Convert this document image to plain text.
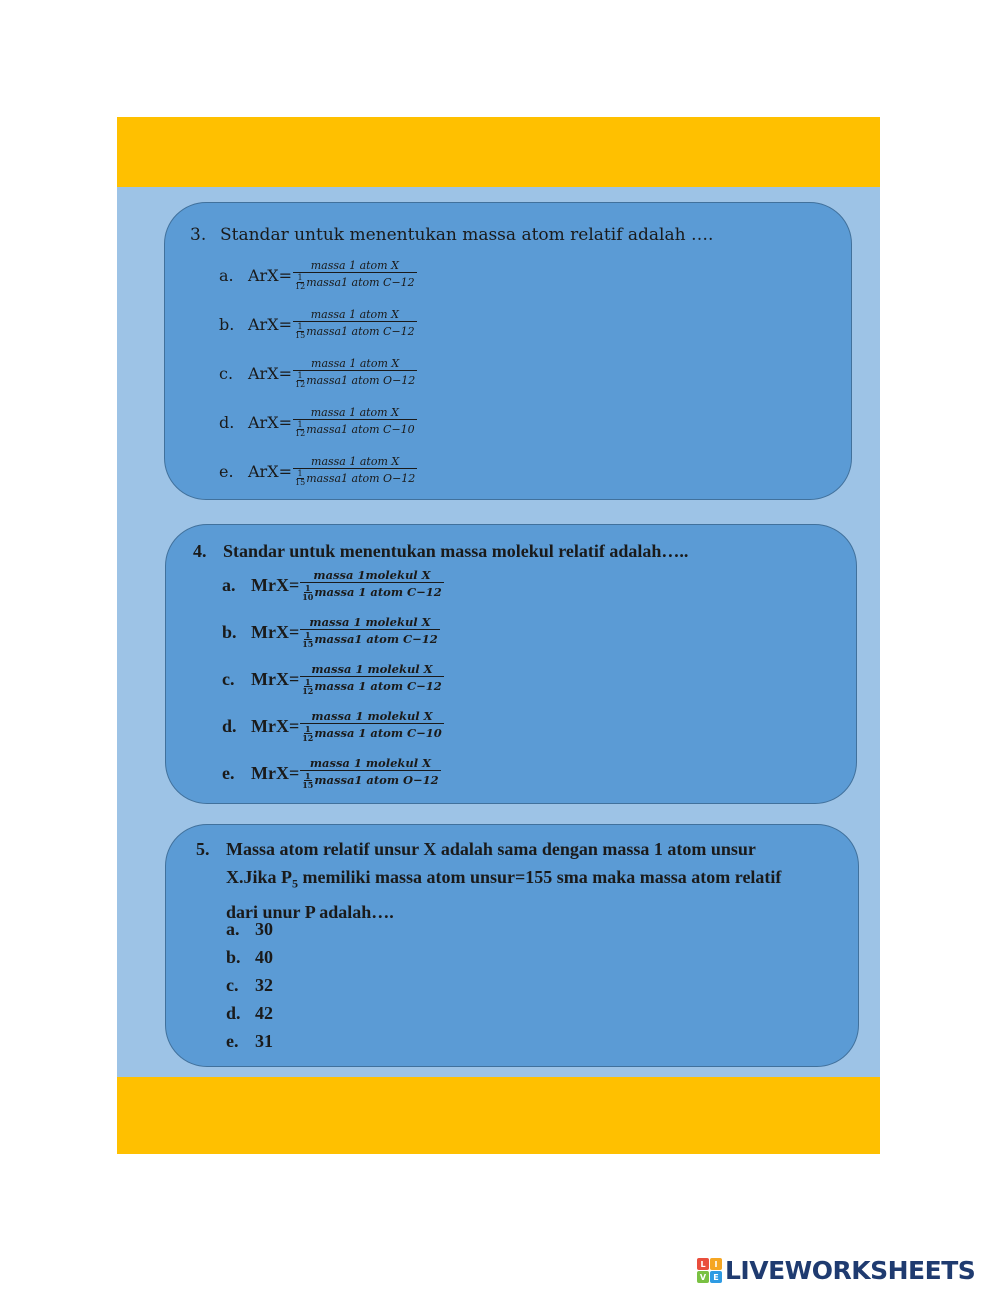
3. Standar untuk menentukan massa atom relatif adalah ….
a. ArX= massa 1 atom X
1
12 massa1 atom C−12
b. ArX= massa 1 atom X
1
15 massa1 atom C−12
c. ArX= massa 1 atom X
1
12 massa1 atom O−12
d. ArX= massa 1 atom X
1
12 massa1 atom C−10
e. ArX= massa 1 atom X
1
15 massa1 atom O−12
4. Standar untuk menentukan massa molekul relatif adalah…..
a. MrX= massa 1molekul X
1
10 massa 1 atom C−12
b. MrX= massa 1 molekul X
1
15 massa1 atom C−12
c. MrX= massa 1 molekul X
1
12 massa 1 atom C−12
d. MrX= massa 1 molekul X
1
12 massa 1 atom C−10
e. MrX= massa 1 molekul X
1
15 massa1 atom O−12
5. Massa atom relatif unsur X adalah sama dengan massa 1 atom unsur
X.Jika $P_5$ memiliki massa atom unsur=155 sma maka massa atom relatif
dari unur P adalah….
a. 30
b. 40
c. 32
d. 42
e. 31
L	I
V E LIVEWORKSHEETS
